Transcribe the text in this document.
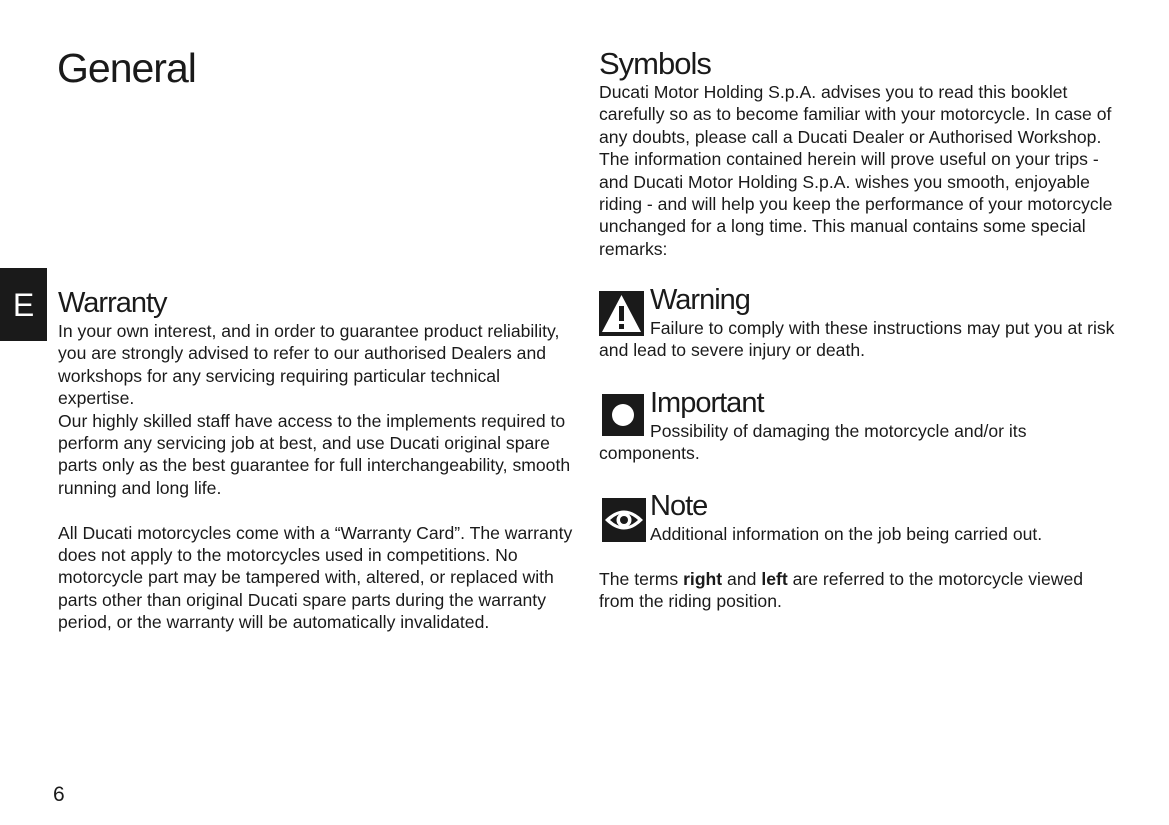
General
E Warranty

In your own interest, and in order to guarantee product reliability, you are strongly advised to refer to our authorised Dealers and workshops for any servicing requiring particular technical expertise.

Our highly skilled staff have access to the implements required to perform any servicing job at best, and use Ducati original spare parts only as the best guarantee for full interchangeability, smooth running and long life.

All Ducati motorcycles come with a “Warranty Card”. The warranty does not apply to the motorcycles used in competitions. No motorcycle part may be tampered with, altered, or replaced with parts other than original Ducati spare parts during the warranty period, or the warranty will be automatically invalidated.

6
Symbols

Ducati Motor Holding S.p.A. advises you to read this booklet carefully so as to become familiar with your motorcycle. In case of any doubts, please call a Ducati Dealer or Authorised Workshop. The information contained herein will prove useful on your trips - and Ducati Motor Holding S.p.A. wishes you smooth, enjoyable riding - and will help you keep the performance of your motorcycle unchanged for a long time. This manual contains some special remarks:

Warning

Failure to comply with these instructions may put you at risk and lead to severe injury or death.

Important

Possibility of damaging the motorcycle and/or its components.

Note

Additional information on the job being carried out.

The terms right and left are referred to the motorcycle viewed from the riding position.
